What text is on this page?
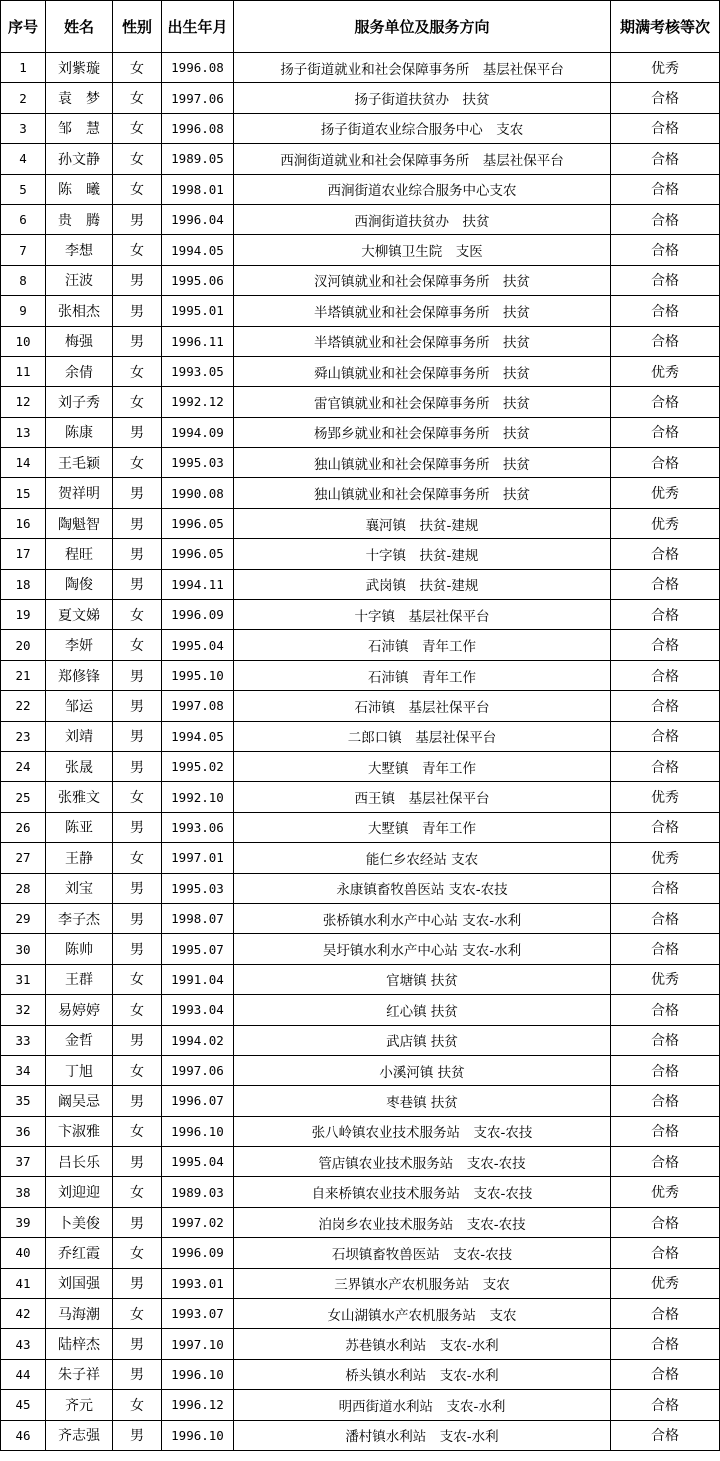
序号	姓名	性别	出生年月	服务单位及服务方向	期满考核等次
1	刘紫璇	女	1996.08	扬子街道就业和社会保障事务所　基层社保平台	优秀
2	袁　梦	女	1997.06	扬子街道扶贫办　扶贫	合格
3	邹　慧	女	1996.08	扬子街道农业综合服务中心　支农	合格
4	孙文静	女	1989.05	西涧街道就业和社会保障事务所　基层社保平台	合格
5	陈　曦	女	1998.01	西涧街道农业综合服务中心支农	合格
6	贵　腾	男	1996.04	西涧街道扶贫办　扶贫	合格
7	李想	女	1994.05	大柳镇卫生院　支医	合格
8	汪波	男	1995.06	汊河镇就业和社会保障事务所　扶贫	合格
9	张相杰	男	1995.01	半塔镇就业和社会保障事务所　扶贫	合格
10	梅强	男	1996.11	半塔镇就业和社会保障事务所　扶贫	合格
11	余倩	女	1993.05	舜山镇就业和社会保障事务所　扶贫	优秀
12	刘子秀	女	1992.12	雷官镇就业和社会保障事务所　扶贫	合格
13	陈康	男	1994.09	杨郢乡就业和社会保障事务所　扶贫	合格
14	王毛颖	女	1995.03	独山镇就业和社会保障事务所　扶贫	合格
15	贺祥明	男	1990.08	独山镇就业和社会保障事务所　扶贫	优秀
16	陶魁智	男	1996.05	襄河镇　扶贫-建规	优秀
17	程旺	男	1996.05	十字镇　扶贫-建规	合格
18	陶俊	男	1994.11	武岗镇　扶贫-建规	合格
19	夏文娣	女	1996.09	十字镇　基层社保平台	合格
20	李妍	女	1995.04	石沛镇　青年工作	合格
21	郑修锋	男	1995.10	石沛镇　青年工作	合格
22	邹运	男	1997.08	石沛镇　基层社保平台	合格
23	刘靖	男	1994.05	二郎口镇　基层社保平台	合格
24	张晟	男	1995.02	大墅镇　青年工作	合格
25	张雅文	女	1992.10	西王镇　基层社保平台	优秀
26	陈亚	男	1993.06	大墅镇　青年工作	合格
27	王静	女	1997.01	能仁乡农经站 支农	优秀
28	刘宝	男	1995.03	永康镇畜牧兽医站 支农-农技	合格
29	李子杰	男	1998.07	张桥镇水利水产中心站 支农-水利	合格
30	陈帅	男	1995.07	吴圩镇水利水产中心站 支农-水利	合格
31	王群	女	1991.04	官塘镇 扶贫	优秀
32	易婷婷	女	1993.04	红心镇 扶贫	合格
33	金哲	男	1994.02	武店镇 扶贫	合格
34	丁旭	女	1997.06	小溪河镇 扶贫	合格
35	阚吴忌	男	1996.07	枣巷镇 扶贫	合格
36	卞淑雅	女	1996.10	张八岭镇农业技术服务站　支农-农技	合格
37	吕长乐	男	1995.04	管店镇农业技术服务站　支农-农技	合格
38	刘迎迎	女	1989.03	自来桥镇农业技术服务站　支农-农技	优秀
39	卜美俊	男	1997.02	泊岗乡农业技术服务站　支农-农技	合格
40	乔红霞	女	1996.09	石坝镇畜牧兽医站　支农-农技	合格
41	刘国强	男	1993.01	三界镇水产农机服务站　支农	优秀
42	马海潮	女	1993.07	女山湖镇水产农机服务站　支农	合格
43	陆梓杰	男	1997.10	苏巷镇水利站　支农-水利	合格
44	朱子祥	男	1996.10	桥头镇水利站　支农-水利	合格
45	齐元	女	1996.12	明西街道水利站　支农-水利	合格
46	齐志强	男	1996.10	潘村镇水利站　支农-水利	合格
